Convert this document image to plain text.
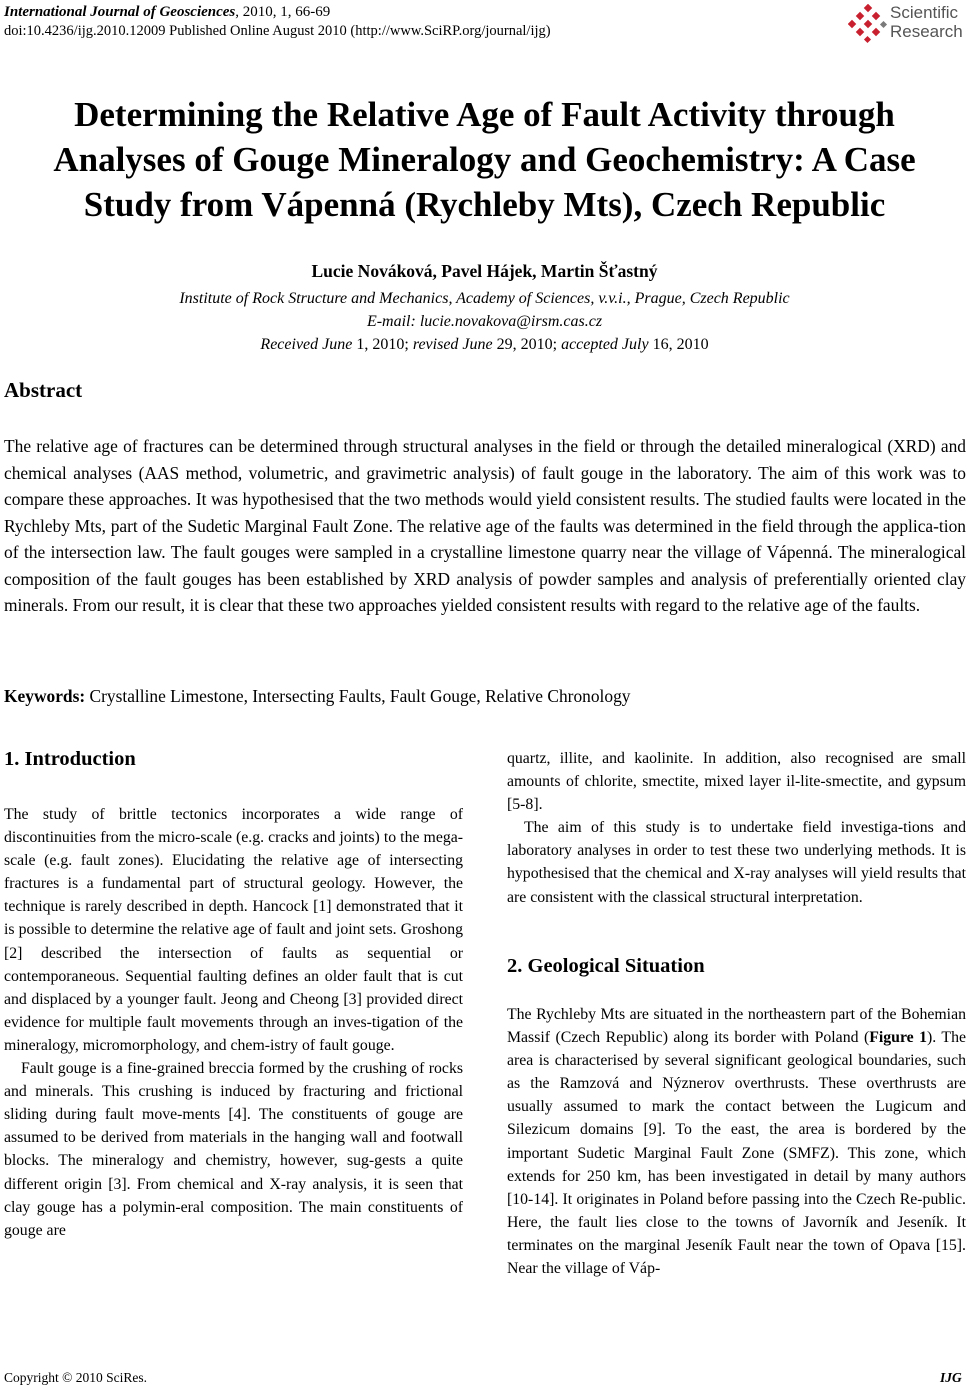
International Journal of Geosciences, 2010, 1, 66-69
doi:10.4236/ijg.2010.12009 Published Online August 2010 (http://www.SciRP.org/journal/ijg)
Scientific
Research
Determining the Relative Age of Fault Activity through
Analyses of Gouge Mineralogy and Geochemistry: A Case
Study from Vápenná (Rychleby Mts), Czech Republic
Lucie Nováková, Pavel Hájek, Martin Šťastný
Institute of Rock Structure and Mechanics, Academy of Sciences, v.v.i., Prague, Czech Republic
E-mail: lucie.novakova@irsm.cas.cz
Received June 1, 2010; revised June 29, 2010; accepted July 16, 2010
Abstract
The relative age of fractures can be determined through structural analyses in the field or through the detailed mineralogical (XRD) and chemical analyses (AAS method, volumetric, and gravimetric analysis) of fault gouge in the laboratory. The aim of this work was to compare these approaches. It was hypothesised that the two methods would yield consistent results. The studied faults were located in the Rychleby Mts, part of the Sudetic Marginal Fault Zone. The relative age of the faults was determined in the field through the applica-tion of the intersection law. The fault gouges were sampled in a crystalline limestone quarry near the village of Vápenná. The mineralogical composition of the fault gouges has been established by XRD analysis of powder samples and analysis of preferentially oriented clay minerals. From our result, it is clear that these two approaches yielded consistent results with regard to the relative age of the faults.
Keywords: Crystalline Limestone, Intersecting Faults, Fault Gouge, Relative Chronology
1. Introduction

The study of brittle tectonics incorporates a wide range of discontinuities from the micro-scale (e.g. cracks and joints) to the mega-scale (e.g. fault zones). Elucidating the relative age of intersecting fractures is a fundamental part of structural geology. However, the technique is rarely described in depth. Hancock [1] demonstrated that it is possible to determine the relative age of fault and joint sets. Groshong [2] described the intersection of faults as sequential or contemporaneous. Sequential faulting defines an older fault that is cut and displaced by a younger fault. Jeong and Cheong [3] provided direct evidence for multiple fault movements through an inves-tigation of the mineralogy, micromorphology, and chem-istry of fault gouge.

Fault gouge is a fine-grained breccia formed by the crushing of rocks and minerals. This crushing is induced by fracturing and frictional sliding during fault move-ments [4]. The constituents of gouge are assumed to be derived from materials in the hanging wall and footwall blocks. The mineralogy and chemistry, however, sug-gests a quite different origin [3]. From chemical and X-ray analysis, it is seen that clay gouge has a polymin-eral composition. The main constituents of gouge are

quartz, illite, and kaolinite. In addition, also recognised are small amounts of chlorite, smectite, mixed layer il-lite-smectite, and gypsum [5-8].

The aim of this study is to undertake field investiga-tions and laboratory analyses in order to test these two underlying methods. It is hypothesised that the chemical and X-ray analyses will yield results that are consistent with the classical structural interpretation.

2. Geological Situation

The Rychleby Mts are situated in the northeastern part of the Bohemian Massif (Czech Republic) along its border with Poland (Figure 1). The area is characterised by several significant geological boundaries, such as the Ramzová and Nýznerov overthrusts. These overthrusts are usually assumed to mark the contact between the Lugicum and Silezicum domains [9]. To the east, the area is bordered by the important Sudetic Marginal Fault Zone (SMFZ). This zone, which extends for 250 km, has been investigated in detail by many authors [10-14]. It originates in Poland before passing into the Czech Re-public. Here, the fault lies close to the towns of Javorník and Jeseník. It terminates on the marginal Jeseník Fault near the town of Opava [15]. Near the village of Váp-

Copyright © 2010 SciRes.	IJG
